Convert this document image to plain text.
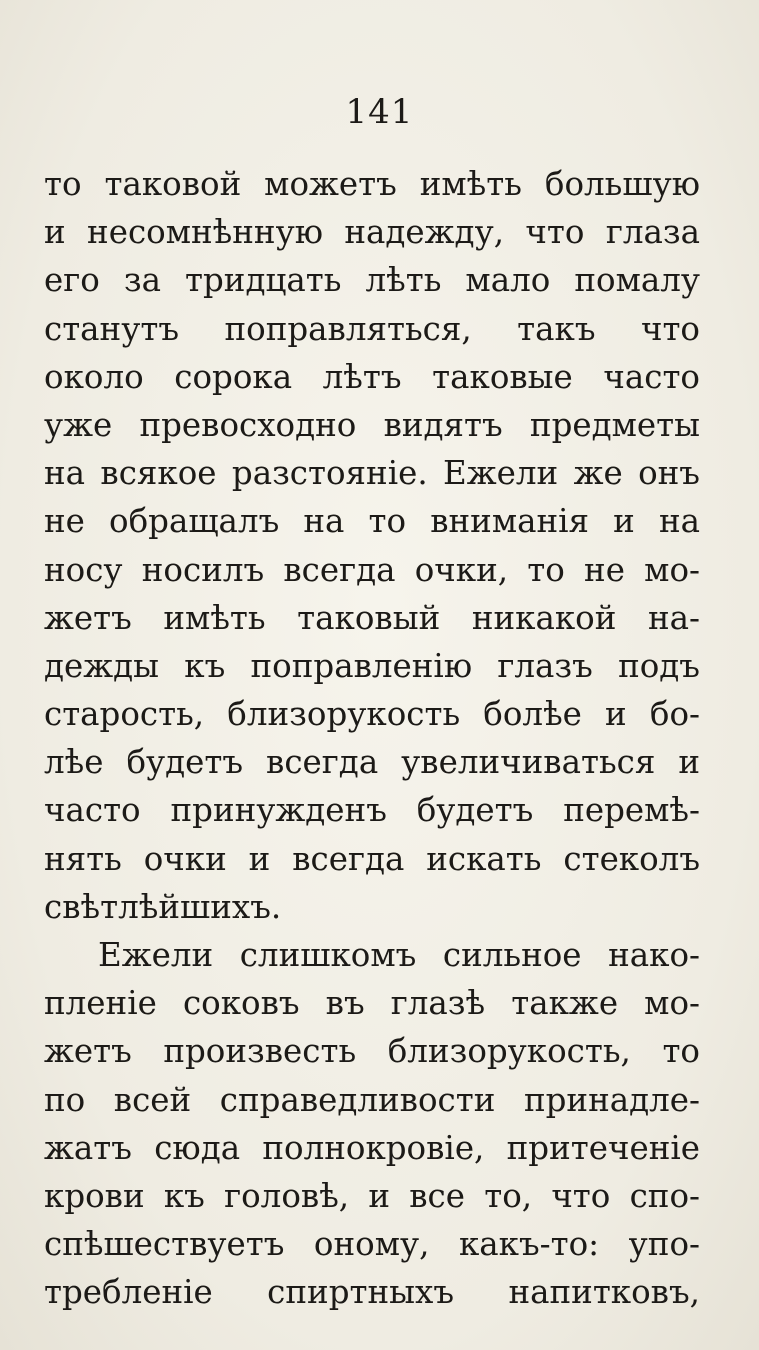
141
то таковой можетъ имѣть большую
и несомнѣнную надежду, что глаза
его за тридцать лѣть мало помалу
станутъ поправляться, такъ что
около сорока лѣтъ таковые часто
уже превосходно видятъ предметы
на всякое разстояніе. Ежели же онъ
не обращалъ на то вниманія и на
носу носилъ всегда очки, то не мо-
жетъ имѣть таковый никакой на-
дежды къ поправленію глазъ подъ
старость, близорукость болѣе и бо-
лѣе будетъ всегда увеличиваться и
часто принужденъ будетъ перемѣ-
нять очки и всегда искать стеколъ
свѣтлѣйшихъ.
Ежели слишкомъ сильное нако-
пленіе соковъ въ глазѣ также мо-
жетъ произвесть близорукость, то
по всей справедливости принадле-
жатъ сюда полнокровіе, притеченіе
крови къ головѣ, и все то, что спо-
спѣшествуетъ оному, какъ-то: упо-
требленіе спиртныхъ напитковъ,
